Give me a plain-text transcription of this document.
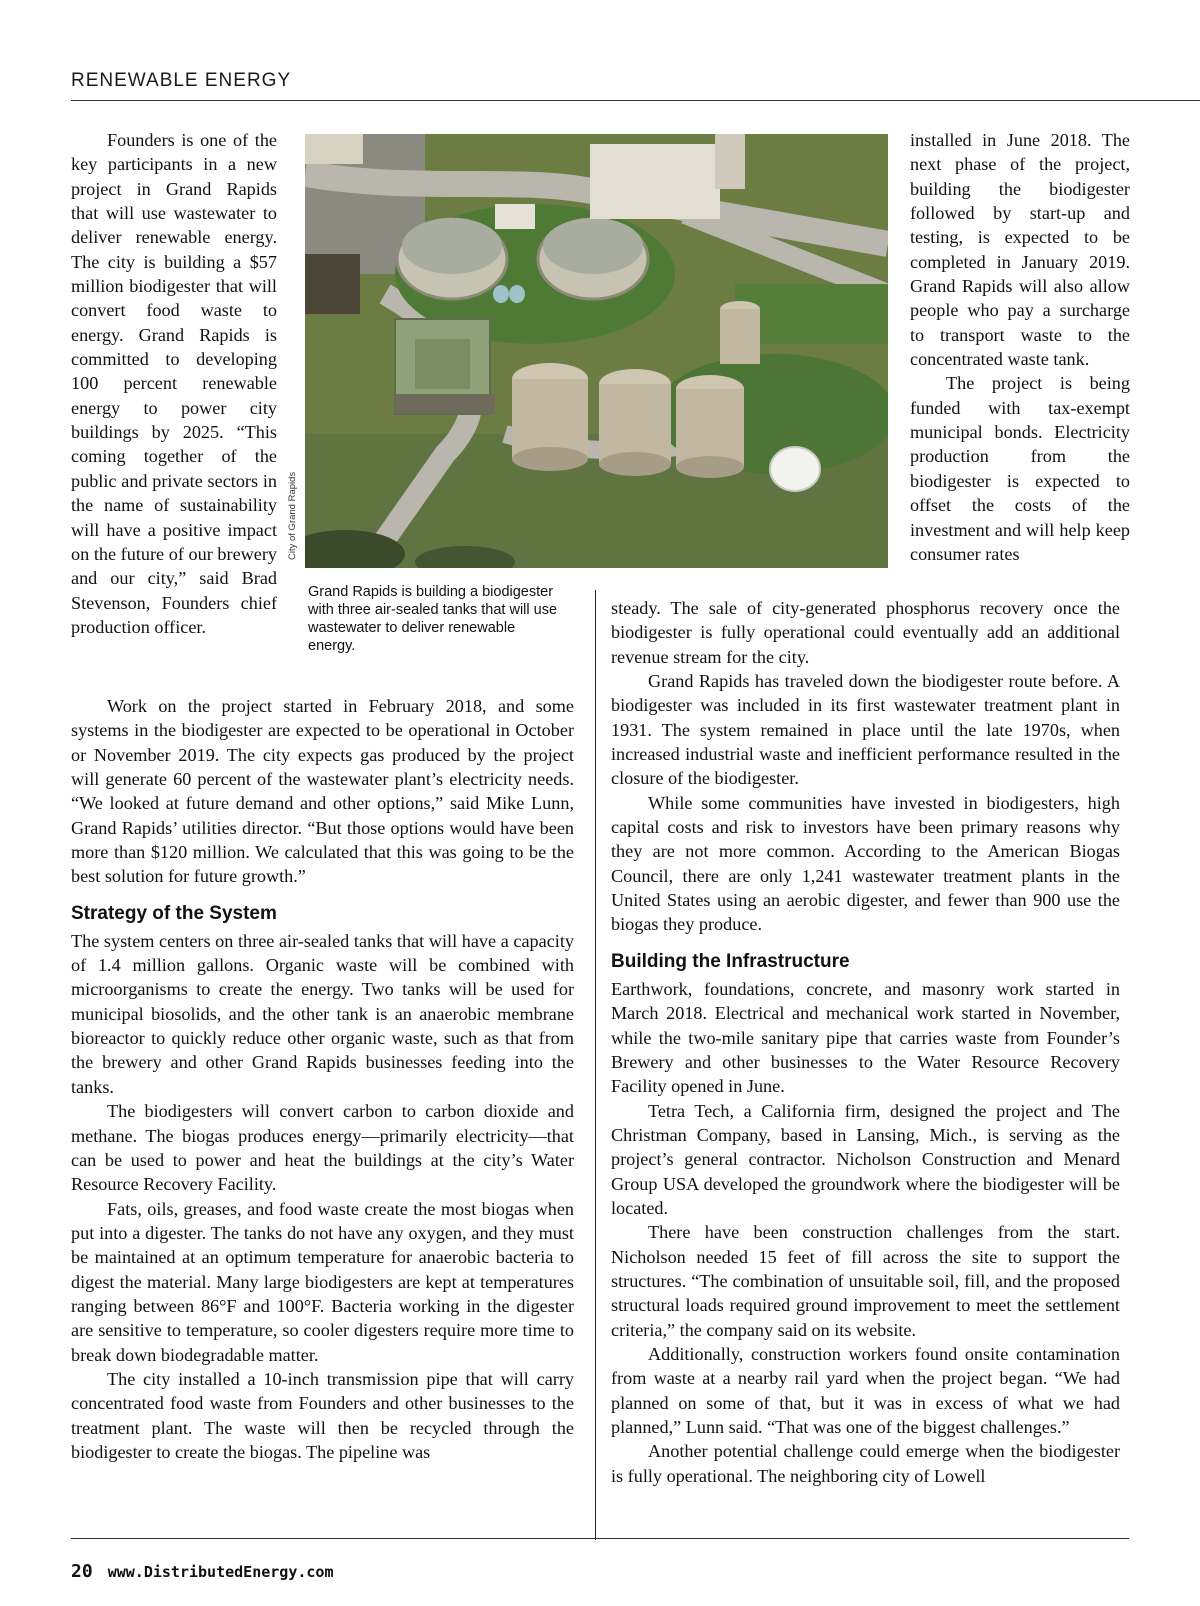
RENEWABLE ENERGY

Founders is one of the key participants in a new project in Grand Rapids that will use wastewater to deliver renewable energy. The city is building a $57 million biodigester that will convert food waste to energy. Grand Rapids is committed to developing 100 percent renewable energy to power city buildings by 2025. “This coming together of the public and private sectors in the name of sustainability will have a positive impact on the future of our brewery and our city,” said Brad Stevenson, Founders chief production officer.

City of Grand Rapids

Grand Rapids is building a biodigester with three air-sealed tanks that will use wastewater to deliver renewable energy.

Work on the project started in February 2018, and some systems in the biodigester are expected to be operational in October or November 2019. The city expects gas produced by the project will generate 60 percent of the wastewater plant’s electricity needs. “We looked at future demand and other options,” said Mike Lunn, Grand Rapids’ utilities director. “But those options would have been more than $120 million. We calculated that this was going to be the best solution for future growth.”

Strategy of the System

The system centers on three air-sealed tanks that will have a capacity of 1.4 million gallons. Organic waste will be combined with microorganisms to create the energy. Two tanks will be used for municipal biosolids, and the other tank is an anaerobic membrane bioreactor to quickly reduce other organic waste, such as that from the brewery and other Grand Rapids businesses feeding into the tanks.

The biodigesters will convert carbon to carbon dioxide and methane. The biogas produces energy—primarily electricity—that can be used to power and heat the buildings at the city’s Water Resource Recovery Facility.

Fats, oils, greases, and food waste create the most biogas when put into a digester. The tanks do not have any oxygen, and they must be maintained at an optimum temperature for anaerobic bacteria to digest the material. Many large biodigesters are kept at temperatures ranging between 86°F and 100°F. Bacteria working in the digester are sensitive to temperature, so cooler digesters require more time to break down biodegradable matter.

The city installed a 10-inch transmission pipe that will carry concentrated food waste from Founders and other businesses to the treatment plant. The waste will then be recycled through the biodigester to create the biogas. The pipeline was

installed in June 2018. The next phase of the project, building the biodigester followed by start-up and testing, is expected to be completed in January 2019. Grand Rapids will also allow people who pay a surcharge to transport waste to the concentrated waste tank.

The project is being funded with tax-exempt municipal bonds. Electricity production from the biodigester is expected to offset the costs of the investment and will help keep consumer rates

steady. The sale of city-generated phosphorus recovery once the biodigester is fully operational could eventually add an additional revenue stream for the city.

Grand Rapids has traveled down the biodigester route before. A biodigester was included in its first wastewater treatment plant in 1931. The system remained in place until the late 1970s, when increased industrial waste and inefficient performance resulted in the closure of the biodigester.

While some communities have invested in biodigesters, high capital costs and risk to investors have been primary reasons why they are not more common. According to the American Biogas Council, there are only 1,241 wastewater treatment plants in the United States using an aerobic digester, and fewer than 900 use the biogas they produce.

Building the Infrastructure

Earthwork, foundations, concrete, and masonry work started in March 2018. Electrical and mechanical work started in November, while the two-mile sanitary pipe that carries waste from Founder’s Brewery and other businesses to the Water Resource Recovery Facility opened in June.

Tetra Tech, a California firm, designed the project and The Christman Company, based in Lansing, Mich., is serving as the project’s general contractor. Nicholson Construction and Menard Group USA developed the groundwork where the biodigester will be located.

There have been construction challenges from the start. Nicholson needed 15 feet of fill across the site to support the structures. “The combination of unsuitable soil, fill, and the proposed structural loads required ground improvement to meet the settlement criteria,” the company said on its website.

Additionally, construction workers found onsite contamination from waste at a nearby rail yard when the project began. “We had planned on some of that, but it was in excess of what we had planned,” Lunn said. “That was one of the biggest challenges.”

Another potential challenge could emerge when the biodigester is fully operational. The neighboring city of Lowell

20 www.DistributedEnergy.com
